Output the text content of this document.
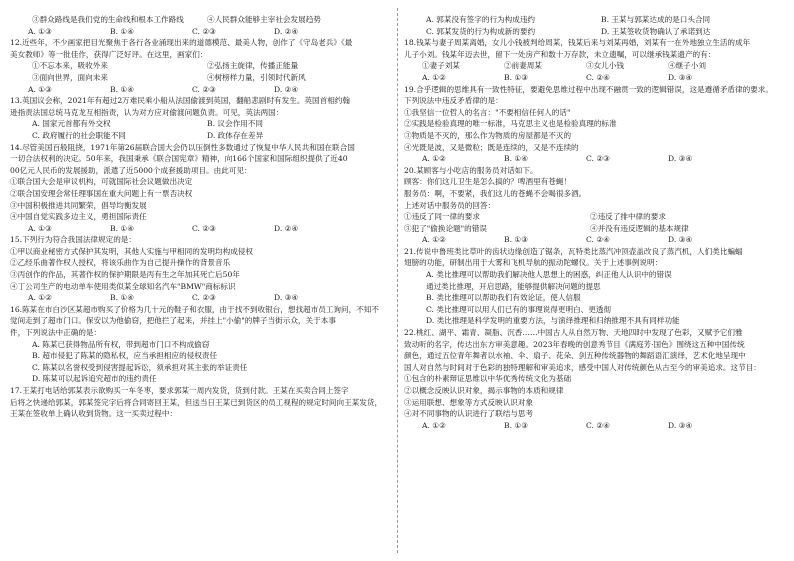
③群众路线是我们党的生命线和根本工作路线	④人民群众能够主宰社会发展趋势
A. ①③	B. ①④	C. ②③	D. ②④
12.近些年，不少画家把目光聚焦于各行各业涌现出来的道德模范、最美人物，创作了《守岛老兵》《最
美女教师》等一批佳作，获得广泛好评。在这里，画家们：
①不忘本来，吸收外来	②弘扬主旋律，传播正能量
③面向世界，面向未来	④树榜样力量，引领时代新风
A. ①③	B. ①④	C. ②③	D. ②④
13.英国议会称，2021年有超过2万难民乘小船从法国偷渡到英国，翻船悲剧时有发生。英国首相约翰
逊指责法国总统马克龙互相指责，认为对方应对偷渡问题负责。可见，英法两国：
A. 国家元首都有外交权	B. 议会作用不同
C. 政府履行的社会职能不同	D. 政体存在差异
14.尽管美国百般阻挠，1971年第26届联合国大会仍以压倒性多数通过了恢复中华人民共和国在联合国
一切合法权利的决定。50年来，我国秉承《联合国宪章》精神，向166个国家和国际组织提供了近40
00亿元人民币的发展援助，派遣了近5000个成套援助项目。由此可见：
①联合国大会是审议机构，可就国际社会议题做出决定
②联合国安理会常任理事国在重大问题上有一票否决权
③中国积极推进共同繁荣，倡导均衡发展
④中国自觉实践多边主义，勇担国际责任
A. ①③	B. ①④	C. ②③	D. ②④
15.下列行为符合我国法律规定的是：
①甲以商业秘密方式保护其发明，其他人实施与甲相同的发明均构成侵权
②乙经乐曲著作权人授权，将该乐曲作为自己提升操作的背景音乐
③丙创作的作品，其著作权的保护期限是丙有生之年加其死亡后50年
④丁公司生产的电动单车使用类似某全球知名汽车"BMW"商标标识
A. ①②	B. ①④	C. ②③	D. ③④
16.陈某在市白沙区某超市购买了价格为几十元的鞋子和衣服，由于找不到收银台，想找超市员工询问，不知不
觉间走到了超市门口。保安以为他偷窃，把他拦了起来，并挂上"小偷"的牌子当街示众，关于本事
件，下列说法中正确的是：
A. 陈某已获得物品所有权，带到超市门口不构成偷窃
B. 超市侵犯了陈某的隐私权，应当承担相应的侵权责任
C. 陈某以名誉权受到侵害提起诉讼，须承担对其主张的举证责任
D. 陈某可以起诉追究超市的违约责任
17.王某打电话给郭某表示欲购买一车冬枣，要求郭某一周内发货，货到付款。王某在买卖合同上签字
后将之快递给郭某，郭某签完字后将合同寄回王某，但送当日王某已到货区的员工视程的规定时间向王某发货，
王某在签收单上确认收到货物。这一买卖过程中：
A. 郭某没有签字的行为构成违约	B. 王某与郭某达成的是口头合同
C. 郭某发货的行为构成新的要约	D. 王某签收货物确认了承诺到达
18.钱某与妻子周某离婚，女儿小钱被判给周某，钱某后来与刘某再婚，刘某有一在外地独立生活的成年
儿子小刘。钱某年迈去世，留下一处房产和数十万存款，未立遗嘱，可以继承钱某遗产的有：
①妻子刘某	②前妻周某	③女儿小钱	④继子小刘
A. ①②	B. ①③	C. ②④	D. ③④
19.合乎逻辑的思维具有一致性特征，要避免思维过程中出现不融贯一致的逻辑错误，这是遵循矛盾律的要求。
下列说法中违反矛盾律的是：
①我坚信一位哲人的名言："不要相信任何人的话"
②实践是检验真理的唯一标准，马克思主义也是检验真理的标准
③物质是不灭的，那么作为物质的房屋都是不灭的
④光既是波，又是微粒；既是连续的，又是不连续的
A. ①②	B. ①④	C. ②③	D. ③④
20.某顾客与小吃店的服务员对话如下。
顾客：你们这儿卫生是怎么搞的？啤酒里有苍蝇！
服务员：啊，不要紧，我们这儿的苍蝇不会喝很多酒。
上述对话中服务员的回答：
①违反了同一律的要求	②违反了排中律的要求
③犯了"偷换论题"的错误	④并没有违反逻辑的基本规律
A. ①②	B. ①③	C. ②④	D. ③④
21.传说中鲁班类比草叶的齿状边缘创造了锯条，瓦特类比蒸汽冲顶壶盖改良了蒸汽机，人们类比蝙蝠
翅膀的功能，研制出用于大雾和飞机导航的振动陀螺仪。关于上述事例说明：
A. 类比推理可以帮助我们解决他人思想上的困惑，纠正他人认识中的错误
通过类比推理，开启思路，能够提供解决问题的提思
B. 类比推理可以帮助我们有效论证，使人信服
C. 类比推理可以用人们已有的事理说得更明白、更透彻
D. 类比推理是科学发明的重要方法，与演绎推理和归纳推理不具有同样功能
22.桃红、湖平、霜青、凝脂、沉香……中国古人从自然万物、天地四时中发现了色彩，又赋予它们雅
致动听的名字，传达出东方审美意趣。2023年春晚的创意秀节目《满庭芳·国色》围绕这五种中国传统
颜色，通过五位青年舞者以水袖、伞、扇子、花朵、剑五种传统器物的舞蹈语汇演绎，艺术化地呈现中
国人对自然与时间对于色彩的独特理解和审美追求，感受中国人对传统颜色从古至今的审美追求。这节目：
①包含的朴素辩证思维以中华优秀传统文化为基础
②以概念反映认识对象，揭示事物的本质和规律
③运用联想、想象等方式反映认识对象
④对不同事物的认识进行了联结与思考
A. ①②	B. ①③	C. ②④	D. ③④
